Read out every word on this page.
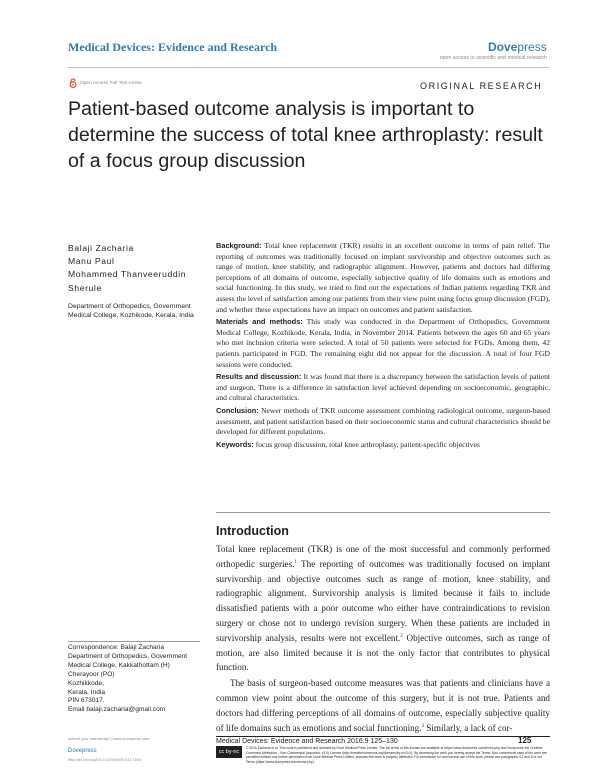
Medical Devices: Evidence and Research	Dovepress
open access to scientific and medical research
Open Access Full Text Article	ORIGINAL RESEARCH
Patient-based outcome analysis is important to determine the success of total knee arthroplasty: result of a focus group discussion
Balaji Zacharia
Manu Paul
Mohammed Thanveeruddin
Sherule
Department of Orthopedics, Government Medical College, Kozhikode, Kerala, India

Background: Total knee replacement (TKR) results in an excellent outcome in terms of pain relief. The reporting of outcomes was traditionally focused on implant survivorship and objective outcomes such as range of motion, knee stability, and radiographic alignment. However, patients and doctors had differing perceptions of all domains of outcome, especially subjective quality of life domains such as emotions and social functioning. In this study, we tried to find out the expectations of Indian patients regarding TKR and assess the level of satisfaction among our patients from their view point using focus group discussion (FGD), and whether these expectations have an impact on outcomes and patient satisfaction.

Materials and methods: This study was conducted in the Department of Orthopedics, Government Medical College, Kozhikode, Kerala, India, in November 2014. Patients between the ages 60 and 65 years who met inclusion criteria were selected. A total of 50 patients were selected for FGDs. Among them, 42 patients participated in FGD. The remaining eight did not appear for the discussion. A total of four FGD sessions were conducted.

Results and discussion: It was found that there is a discrepancy between the satisfaction levels of patient and surgeon. There is a difference in satisfaction level achieved depending on socioeconomic, geographic, and cultural characteristics.

Conclusion: Newer methods of TKR outcome assessment combining radiological outcome, surgeon-based assessment, and patient satisfaction based on their socioeconomic status and cultural characteristics should be developed for different populations.

Keywords: focus group discussion, total knee arthroplasty, patient-specific objectives

Introduction

Total knee replacement (TKR) is one of the most successful and commonly performed orthopedic surgeries.$^1$ The reporting of outcomes was traditionally focused on implant survivorship and objective outcomes such as range of motion, knee stability, and radiographic alignment. Survivorship analysis is limited because it fails to include dissatisfied patients with a poor outcome who either have contraindications to revision surgery or chose not to undergo revision surgery. When these patients are included in survivorship analysis, results were not excellent.$^2$ Objective outcomes, such as range of motion, are also limited because it is not the only factor that contributes to physical function.

The basis of surgeon-based outcome measures was that patients and clinicians have a common view point about the outcome of this surgery, but it is not true. Patients and doctors had differing perceptions of all domains of outcome, especially subjective quality of life domains such as emotions and social functioning.$^3$ Similarly, a lack of cor-

Correspondence: Balaji Zacharia
Department of Orthopedics, Government
Medical College, Kakkathottam (H)
Cherayoor (PO)
Kozhikkode,
Kerala, India
PIN 673017.
Email balaji.zacharia@gmail.com
submit your manuscript | www.dovepress.com
Dovepress
http://dx.doi.org/10.2147/MDER.S117194
Medical Devices: Evidence and Research 2016:9 125–130	125
cc by-nc
© 2016 Zacharia et al. This work is published and licensed by Dove Medical Press Limited. The full terms of this license are available at https://www.dovepress.com/terms.php and incorporate the Creative Commons Attribution – Non Commercial (unported, v3.0) License (http://creativecommons.org/licenses/by-nc/3.0/). By accessing the work you hereby accept the Terms. Non-commercial uses of the work are permitted without any further permission from Dove Medical Press Limited, provided the work is properly attributed. For permission for commercial use of this work, please see paragraphs 4.2 and 5 of our Terms (https://www.dovepress.com/terms.php).
